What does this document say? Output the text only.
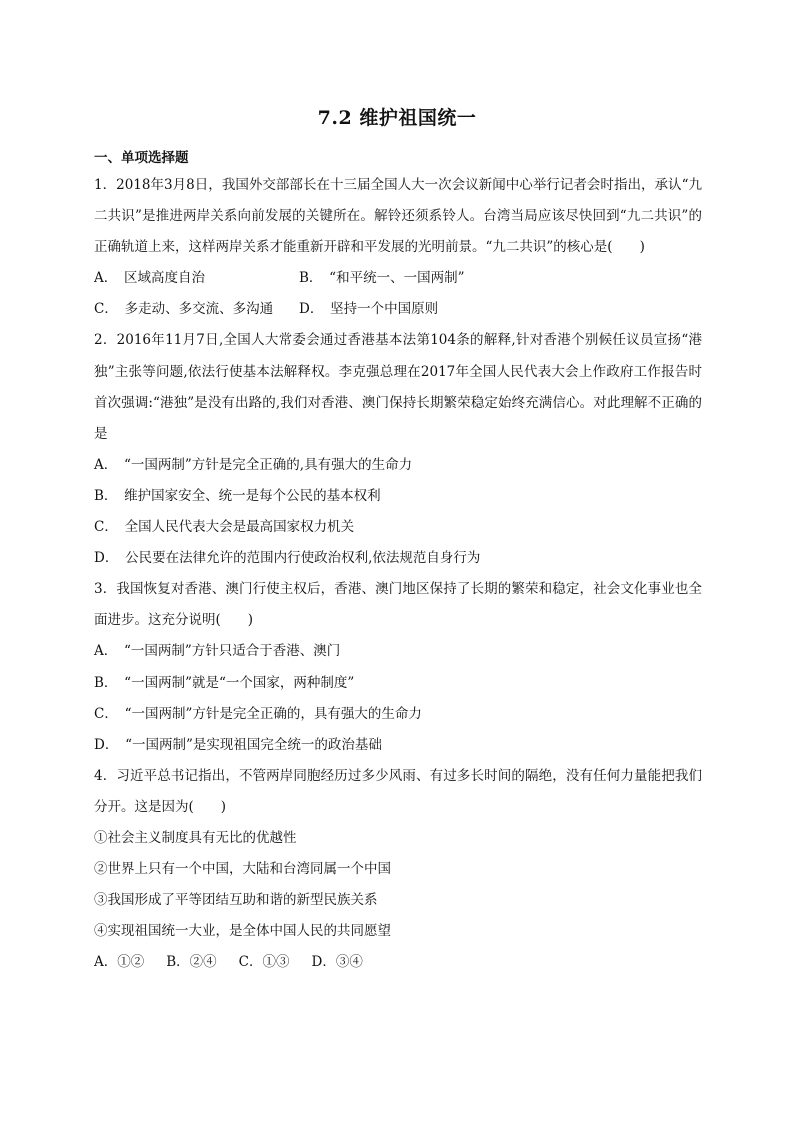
7.2 维护祖国统一
一、单项选择题

1．2018年3月8日，我国外交部部长在十三届全国人大一次会议新闻中心举行记者会时指出，承认“九二共识”是推进两岸关系向前发展的关键所在。解铃还须系铃人。台湾当局应该尽快回到“九二共识”的正确轨道上来，这样两岸关系才能重新开辟和平发展的光明前景。“九二共识”的核心是(　　)

A．　区域高度自治	B．　“和平统一、一国两制”

C．　多走动、多交流、多沟通 D．　坚持一个中国原则

2．2016年11月7日,全国人大常委会通过香港基本法第104条的解释,针对香港个别候任议员宣扬“港独”主张等问题,依法行使基本法解释权。李克强总理在2017年全国人民代表大会上作政府工作报告时首次强调:“港独”是没有出路的,我们对香港、澳门保持长期繁荣稳定始终充满信心。对此理解不正确的是

A．　“一国两制”方针是完全正确的,具有强大的生命力

B．　维护国家安全、统一是每个公民的基本权利

C．　全国人民代表大会是最高国家权力机关

D．　公民要在法律允许的范围内行使政治权利,依法规范自身行为

3．我国恢复对香港、澳门行使主权后，香港、澳门地区保持了长期的繁荣和稳定，社会文化事业也全面进步。这充分说明(　　)

A．　“一国两制”方针只适合于香港、澳门

B．　“一国两制”就是“一个国家，两种制度”

C．　“一国两制”方针是完全正确的，具有强大的生命力

D．　“一国两制”是实现祖国完全统一的政治基础

4．习近平总书记指出，不管两岸同胞经历过多少风雨、有过多长时间的隔绝，没有任何力量能把我们分开。这是因为(　　)

①社会主义制度具有无比的优越性

②世界上只有一个中国，大陆和台湾同属一个中国

③我国形成了平等团结互助和谐的新型民族关系

④实现祖国统一大业，是全体中国人民的共同愿望

A．①② B．②④ C．①③ D．③④
